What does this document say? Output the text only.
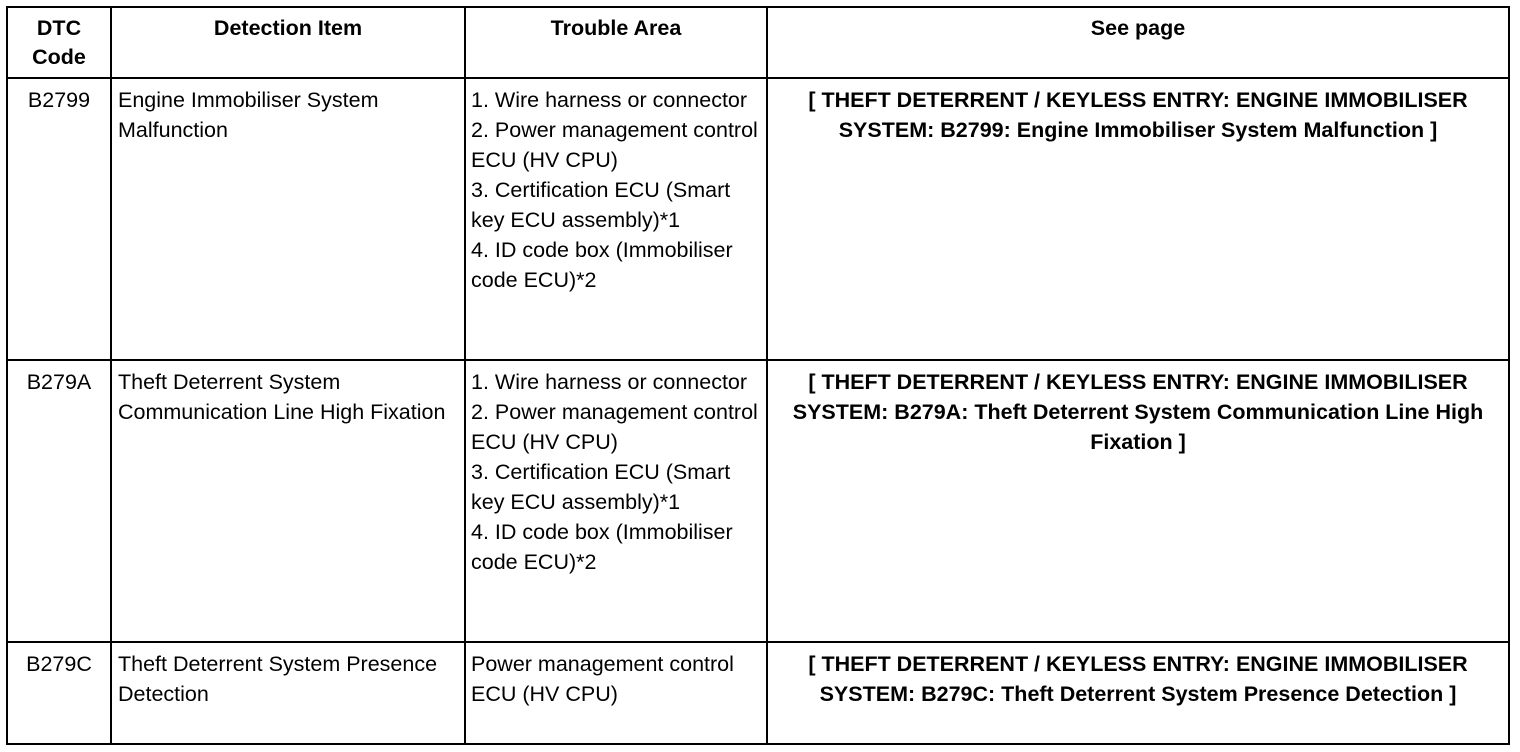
DTC Code	Detection Item	Trouble Area	See page
B2799	Engine Immobiliser System Malfunction	1. Wire harness or connector
2. Power management control ECU (HV CPU)
3. Certification ECU (Smart key ECU assembly)*1
4. ID code box (Immobiliser code ECU)*2	[ THEFT DETERRENT / KEYLESS ENTRY: ENGINE IMMOBILISER SYSTEM: B2799: Engine Immobiliser System Malfunction ]
B279A	Theft Deterrent System Communication Line High Fixation	1. Wire harness or connector
2. Power management control ECU (HV CPU)
3. Certification ECU (Smart key ECU assembly)*1
4. ID code box (Immobiliser code ECU)*2	[ THEFT DETERRENT / KEYLESS ENTRY: ENGINE IMMOBILISER SYSTEM: B279A: Theft Deterrent System Communication Line High Fixation ]
B279C	Theft Deterrent System Presence Detection	Power management control ECU (HV CPU)	[ THEFT DETERRENT / KEYLESS ENTRY: ENGINE IMMOBILISER SYSTEM: B279C: Theft Deterrent System Presence Detection ]
